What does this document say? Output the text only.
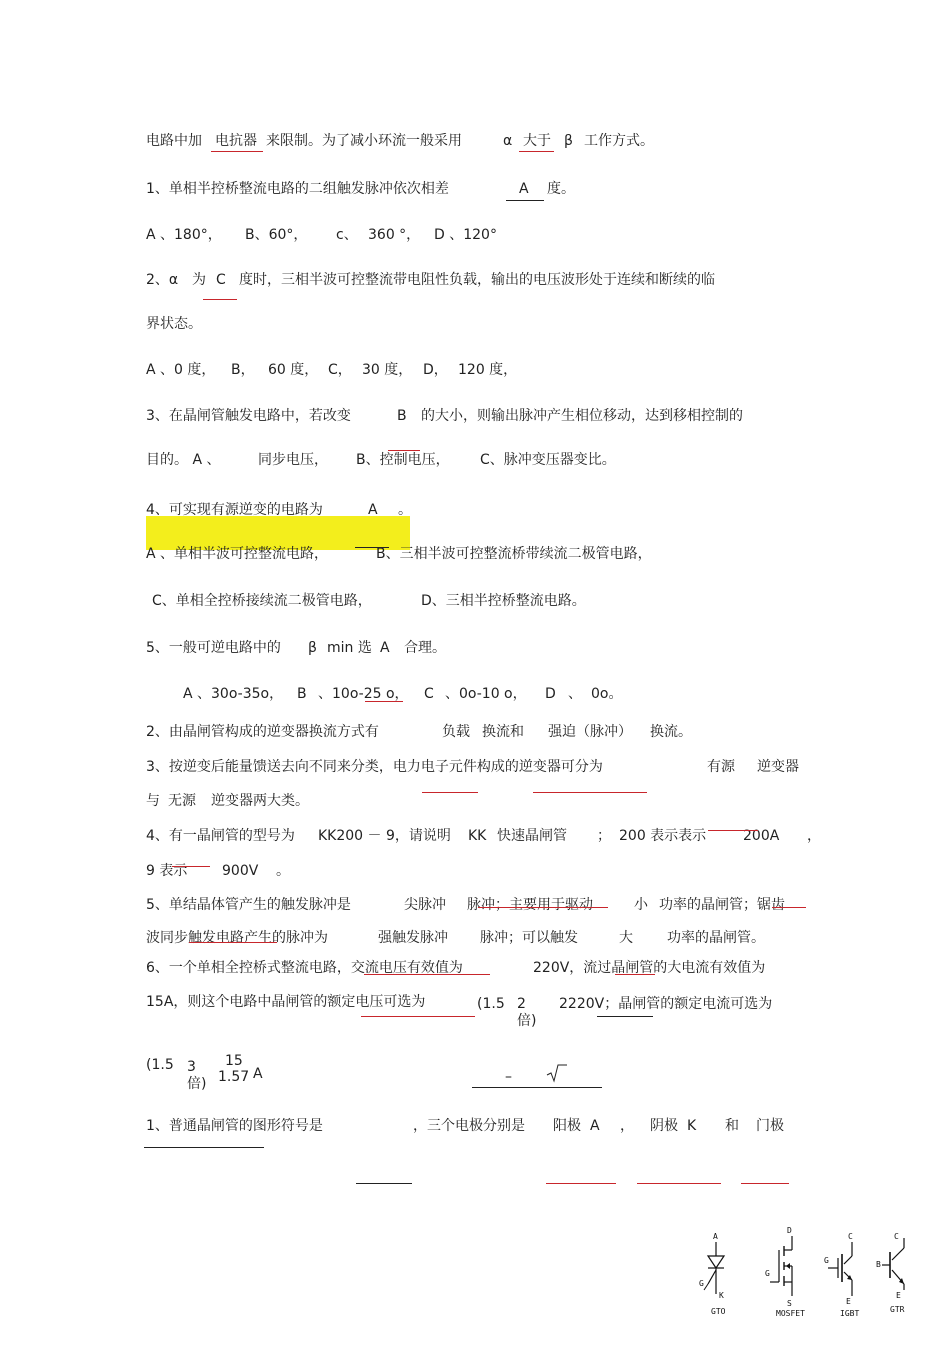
电路中加 电抗器 来限制。为了减小环流一般采用	α 大于 β 工作方式。
1、单相半控桥整流电路的二组触发脉冲依次相差	A 度。
A 、180°， B、60°， c、 360 °， D 、120°
2、α 为 C 度时，三相半波可控整流带电阻性负载，输出的电压波形处于连续和断续的临
界状态。
A 、0 度， B， 60 度， C， 30 度， D， 120 度，
3、在晶闸管触发电路中，若改变	B 的大小，则输出脉冲产生相位移动，达到移相控制的
目的。 A 、	同步电压， B、控制电压， C、脉冲变压器变比。
4、可实现有源逆变的电路为	A 。
A 、单相半波可控整流电路，	B、三相半波可控整流桥带续流二极管电路，
C、单相全控桥接续流二极管电路，	D、三相半控桥整流电路。
5、一般可逆电路中的 β min 选 A 合理。
A 、30o-35o， B 、10o-25 o， C 、0o-10 o， D 、 0o。
2、由晶闸管构成的逆变器换流方式有	负载 换流和 强迫（脉冲） 换流。
3、按逆变后能量馈送去向不同来分类，电力电子元件构成的逆变器可分为	有源 逆变器
与 无源 逆变器两大类。
4、有一晶闸管的型号为 KK200 － 9，请说明 KK 快速晶闸管 ； 200 表示表示	200A ，
9 表示 900V 。
5、单结晶体管产生的触发脉冲是	尖脉冲 脉冲；主要用于驱动	小 功率的晶闸管；锯齿
波同步触发电路产生的脉冲为	强触发脉冲 脉冲；可以触发	大 功率的晶闸管。
6、一个单相全控桥式整流电路，交流电压有效值为	220V，流过晶闸管的大电流有效值为
15A，则这个电路中晶闸管的额定电压可选为	(1.5 2
倍)
2220V；晶闸管的额定电流可选为
(1.5 3
倍)
15
1.57 A	–
1、普通晶闸管的图形符号是	，三个电极分别是 阳极 A ， 阴极 K 和 门极
A
G
K
GTO
D
G
S
MOSFET
C
G
E
IGBT
C
B
E
GTR
